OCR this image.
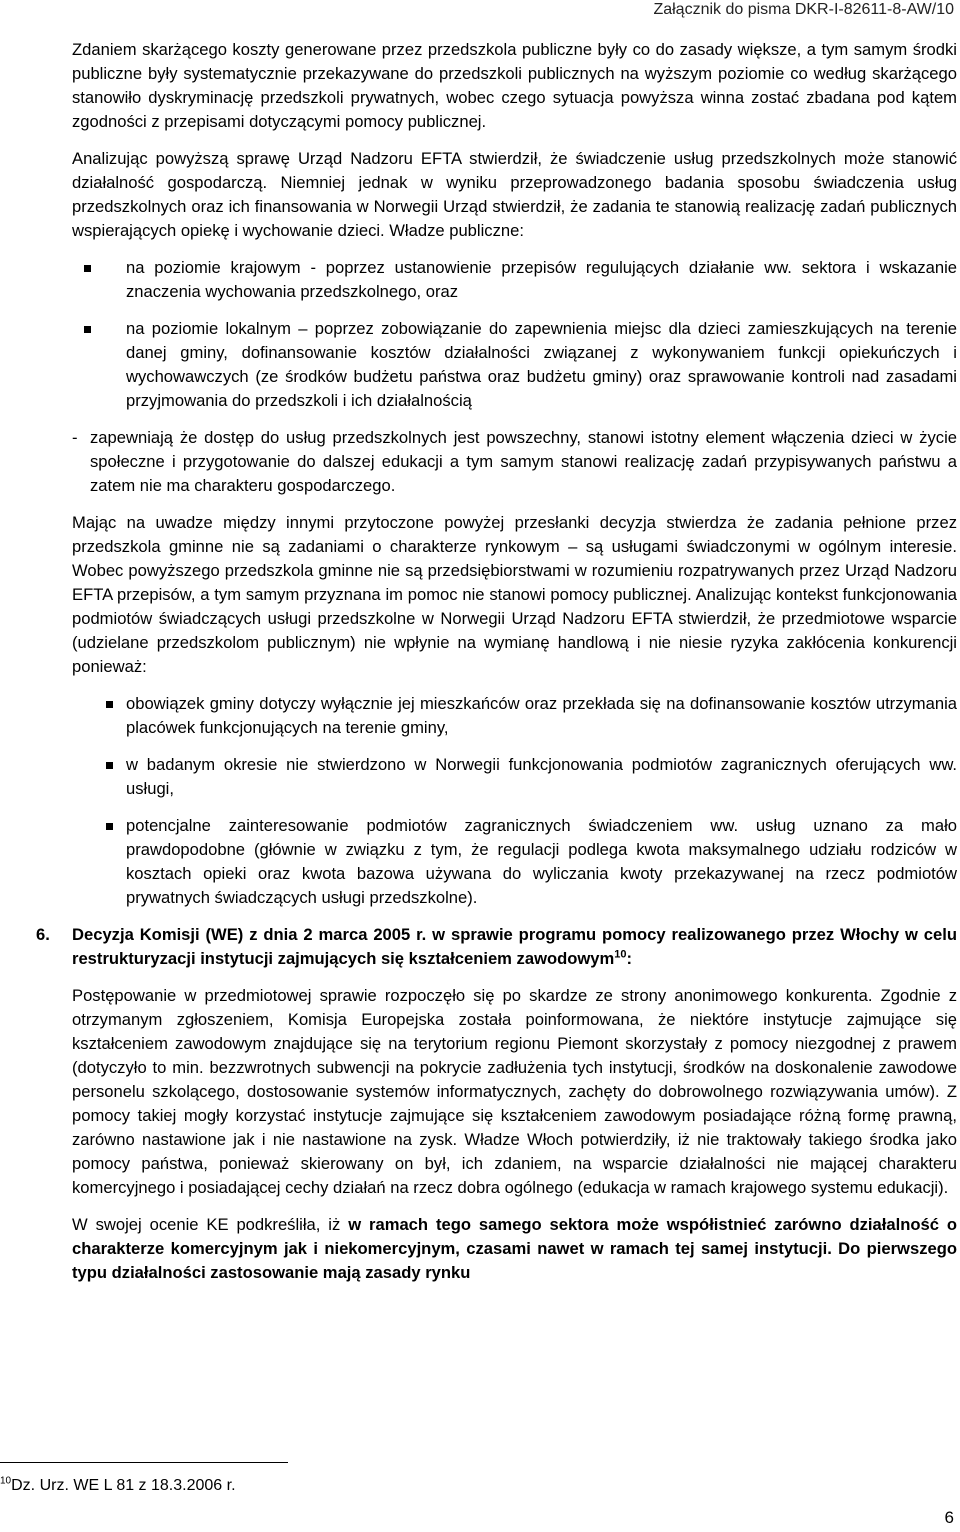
Załącznik do pisma DKR-I-82611-8-AW/10

Zdaniem skarżącego koszty generowane przez przedszkola publiczne były co do zasady większe, a tym samym środki publiczne były systematycznie przekazywane do przedszkoli publicznych na wyższym poziomie co według skarżącego stanowiło dyskryminację przedszkoli prywatnych, wobec czego sytuacja powyższa winna zostać zbadana pod kątem zgodności z przepisami dotyczącymi pomocy publicznej.

Analizując powyższą sprawę Urząd Nadzoru EFTA stwierdził, że świadczenie usług przedszkolnych może stanowić działalność gospodarczą. Niemniej jednak w wyniku przeprowadzonego badania sposobu świadczenia usług przedszkolnych oraz ich finansowania w Norwegii Urząd stwierdził, że zadania te stanowią realizację zadań publicznych wspierających opiekę i wychowanie dzieci. Władze publiczne:

na poziomie krajowym - poprzez ustanowienie przepisów regulujących działanie ww. sektora i wskazanie znaczenia wychowania przedszkolnego, oraz

na poziomie lokalnym – poprzez zobowiązanie do zapewnienia miejsc dla dzieci zamieszkujących na terenie danej gminy, dofinansowanie kosztów działalności związanej z wykonywaniem funkcji opiekuńczych i wychowawczych (ze środków budżetu państwa oraz budżetu gminy) oraz sprawowanie kontroli nad zasadami przyjmowania do przedszkoli i ich działalnością

- zapewniają że dostęp do usług przedszkolnych jest powszechny, stanowi istotny element włączenia dzieci w życie społeczne i przygotowanie do dalszej edukacji a tym samym stanowi realizację zadań przypisywanych państwu a zatem nie ma charakteru gospodarczego.

Mając na uwadze między innymi przytoczone powyżej przesłanki decyzja stwierdza że zadania pełnione przez przedszkola gminne nie są zadaniami o charakterze rynkowym – są usługami świadczonymi w ogólnym interesie. Wobec powyższego przedszkola gminne nie są przedsiębiorstwami w rozumieniu rozpatrywanych przez Urząd Nadzoru EFTA przepisów, a tym samym przyznana im pomoc nie stanowi pomocy publicznej. Analizując kontekst funkcjonowania podmiotów świadczących usługi przedszkolne w Norwegii Urząd Nadzoru EFTA stwierdził, że przedmiotowe wsparcie (udzielane przedszkolom publicznym) nie wpłynie na wymianę handlową i nie niesie ryzyka zakłócenia konkurencji ponieważ:

obowiązek gminy dotyczy wyłącznie jej mieszkańców oraz przekłada się na dofinansowanie kosztów utrzymania placówek funkcjonujących na terenie gminy,

w badanym okresie nie stwierdzono w Norwegii funkcjonowania podmiotów zagranicznych oferujących ww. usługi,

potencjalne zainteresowanie podmiotów zagranicznych świadczeniem ww. usług uznano za mało prawdopodobne (głównie w związku z tym, że regulacji podlega kwota maksymalnego udziału rodziców w kosztach opieki oraz kwota bazowa używana do wyliczania kwoty przekazywanej na rzecz podmiotów prywatnych świadczących usługi przedszkolne).

6. Decyzja Komisji (WE) z dnia 2 marca 2005 r. w sprawie programu pomocy realizowanego przez Włochy w celu restrukturyzacji instytucji zajmujących się kształceniem zawodowym$^{10}$:

Postępowanie w przedmiotowej sprawie rozpoczęło się po skardze ze strony anonimowego konkurenta. Zgodnie z otrzymanym zgłoszeniem, Komisja Europejska została poinformowana, że niektóre instytucje zajmujące się kształceniem zawodowym znajdujące się na terytorium regionu Piemont skorzystały z pomocy niezgodnej z prawem (dotyczyło to min. bezzwrotnych subwencji na pokrycie zadłużenia tych instytucji, środków na doskonalenie zawodowe personelu szkolącego, dostosowanie systemów informatycznych, zachęty do dobrowolnego rozwiązywania umów). Z pomocy takiej mogły korzystać instytucje zajmujące się kształceniem zawodowym posiadające różną formę prawną, zarówno nastawione jak i nie nastawione na zysk. Władze Włoch potwierdziły, iż nie traktowały takiego środka jako pomocy państwa, ponieważ skierowany on był, ich zdaniem, na wsparcie działalności nie mającej charakteru komercyjnego i posiadającej cechy działań na rzecz dobra ogólnego (edukacja w ramach krajowego systemu edukacji).

W swojej ocenie KE podkreśliła, iż w ramach tego samego sektora może współistnieć zarówno działalność o charakterze komercyjnym jak i niekomercyjnym, czasami nawet w ramach tej samej instytucji. Do pierwszego typu działalności zastosowanie mają zasady rynku

$^{10}$Dz. Urz. WE L 81 z 18.3.2006 r.
6
